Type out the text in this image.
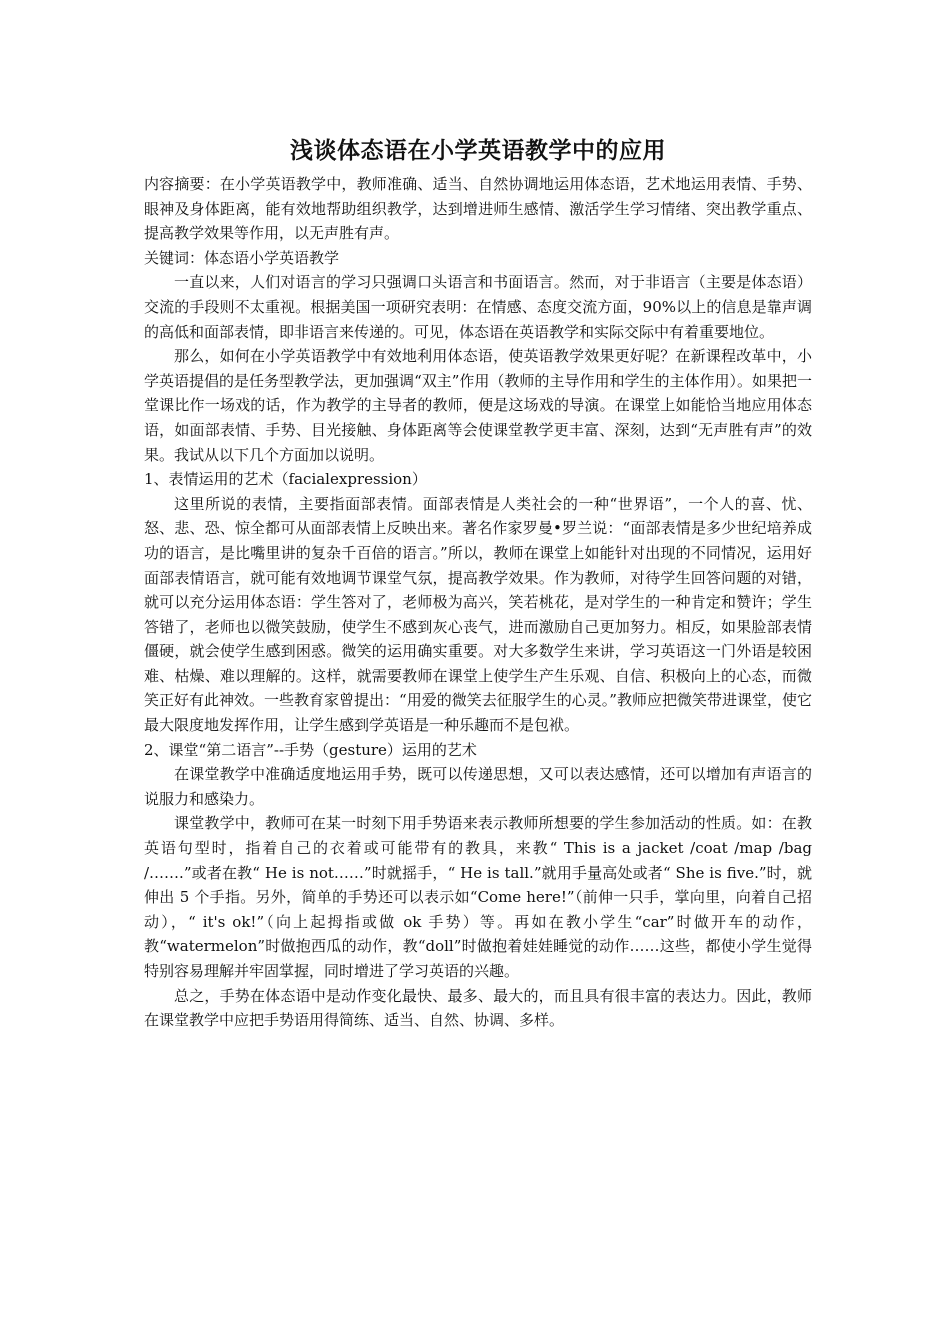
浅谈体态语在小学英语教学中的应用

内容摘要：在小学英语教学中，教师准确、适当、自然协调地运用体态语，艺术地运用表情、手势、眼神及身体距离，能有效地帮助组织教学，达到增进师生感情、激活学生学习情绪、突出教学重点、提高教学效果等作用，以无声胜有声。

关键词：体态语小学英语教学

一直以来，人们对语言的学习只强调口头语言和书面语言。然而，对于非语言（主要是体态语）交流的手段则不太重视。根据美国一项研究表明：在情感、态度交流方面，90%以上的信息是靠声调的高低和面部表情，即非语言来传递的。可见，体态语在英语教学和实际交际中有着重要地位。

那么，如何在小学英语教学中有效地利用体态语，使英语教学效果更好呢？在新课程改革中，小学英语提倡的是任务型教学法，更加强调“双主”作用（教师的主导作用和学生的主体作用）。如果把一堂课比作一场戏的话，作为教学的主导者的教师，便是这场戏的导演。在课堂上如能恰当地应用体态语，如面部表情、手势、目光接触、身体距离等会使课堂教学更丰富、深刻，达到“无声胜有声”的效果。我试从以下几个方面加以说明。

1、表情运用的艺术（facialexpression）

这里所说的表情，主要指面部表情。面部表情是人类社会的一种“世界语”，一个人的喜、忧、怒、悲、恐、惊全都可从面部表情上反映出来。著名作家罗曼•罗兰说：“面部表情是多少世纪培养成功的语言，是比嘴里讲的复杂千百倍的语言。”所以，教师在课堂上如能针对出现的不同情况，运用好面部表情语言，就可能有效地调节课堂气氛，提高教学效果。作为教师，对待学生回答问题的对错，就可以充分运用体态语：学生答对了，老师极为高兴，笑若桃花，是对学生的一种肯定和赞许；学生答错了，老师也以微笑鼓励，使学生不感到灰心丧气，进而激励自己更加努力。相反，如果脸部表情僵硬，就会使学生感到困惑。微笑的运用确实重要。对大多数学生来讲，学习英语这一门外语是较困难、枯燥、难以理解的。这样，就需要教师在课堂上使学生产生乐观、自信、积极向上的心态，而微笑正好有此神效。一些教育家曾提出：“用爱的微笑去征服学生的心灵。”教师应把微笑带进课堂，使它最大限度地发挥作用，让学生感到学英语是一种乐趣而不是包袱。

2、课堂“第二语言”--手势（gesture）运用的艺术

在课堂教学中准确适度地运用手势，既可以传递思想，又可以表达感情，还可以增加有声语言的说服力和感染力。

课堂教学中，教师可在某一时刻下用手势语来表示教师所想要的学生参加活动的性质。如：在教英语句型时，指着自己的衣着或可能带有的教具，来教“ This is a jacket /coat /map /bag /…….”或者在教“ He is not……”时就摇手，“ He is tall.”就用手量高处或者“ She is five.”时，就伸出 5 个手指。另外，简单的手势还可以表示如“Come here!”（前伸一只手，掌向里，向着自己招动），“ it's ok!”（向上起拇指或做 ok 手势）等。再如在教小学生“car”时做开车的动作，教“watermelon”时做抱西瓜的动作，教“doll”时做抱着娃娃睡觉的动作……这些，都使小学生觉得特别容易理解并牢固掌握，同时增进了学习英语的兴趣。

总之，手势在体态语中是动作变化最快、最多、最大的，而且具有很丰富的表达力。因此，教师在课堂教学中应把手势语用得简练、适当、自然、协调、多样。
